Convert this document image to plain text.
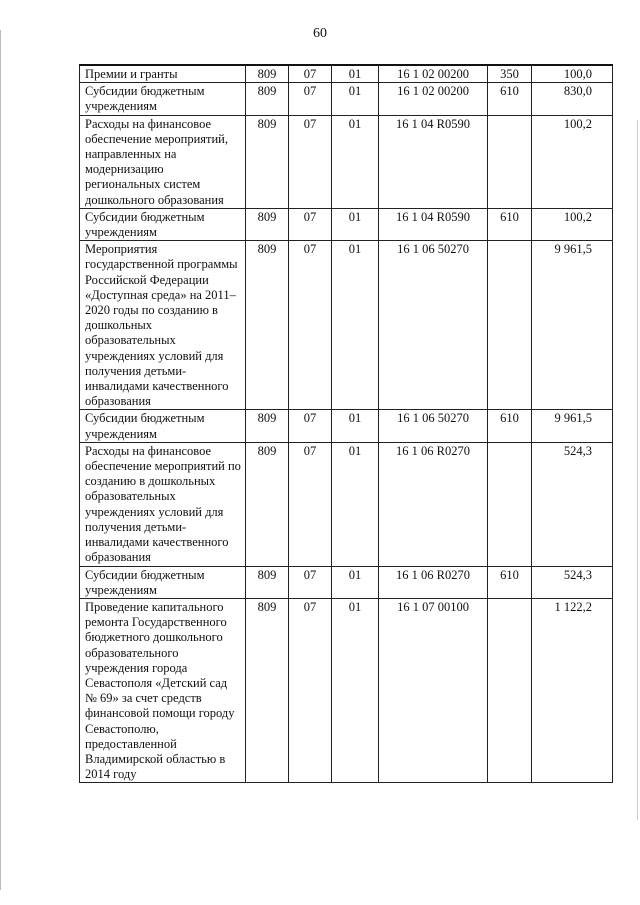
60
Премии и гранты	809	07	01	16 1 02 00200	350	100,0
Субсидии бюджетным учреждениям	809	07	01	16 1 02 00200	610	830,0
Расходы на финансовое обеспечение мероприятий, направленных на модернизацию региональных систем дошкольного образования	809	07	01	16 1 04 R0590		100,2
Субсидии бюджетным учреждениям	809	07	01	16 1 04 R0590	610	100,2
Мероприятия государственной программы Российской Федерации «Доступная среда» на 2011–2020 годы по созданию в дошкольных образовательных учреждениях условий для получения детьми-инвалидами качественного образования	809	07	01	16 1 06 50270		9 961,5
Субсидии бюджетным учреждениям	809	07	01	16 1 06 50270	610	9 961,5
Расходы на финансовое обеспечение мероприятий по созданию в дошкольных образовательных учреждениях условий для получения детьми-инвалидами качественного образования	809	07	01	16 1 06 R0270		524,3
Субсидии бюджетным учреждениям	809	07	01	16 1 06 R0270	610	524,3
Проведение капитального ремонта Государственного бюджетного дошкольного образовательного учреждения города Севастополя «Детский сад № 69» за счет средств финансовой помощи городу Севастополю, предоставленной Владимирской областью в 2014 году	809	07	01	16 1 07 00100		1 122,2
